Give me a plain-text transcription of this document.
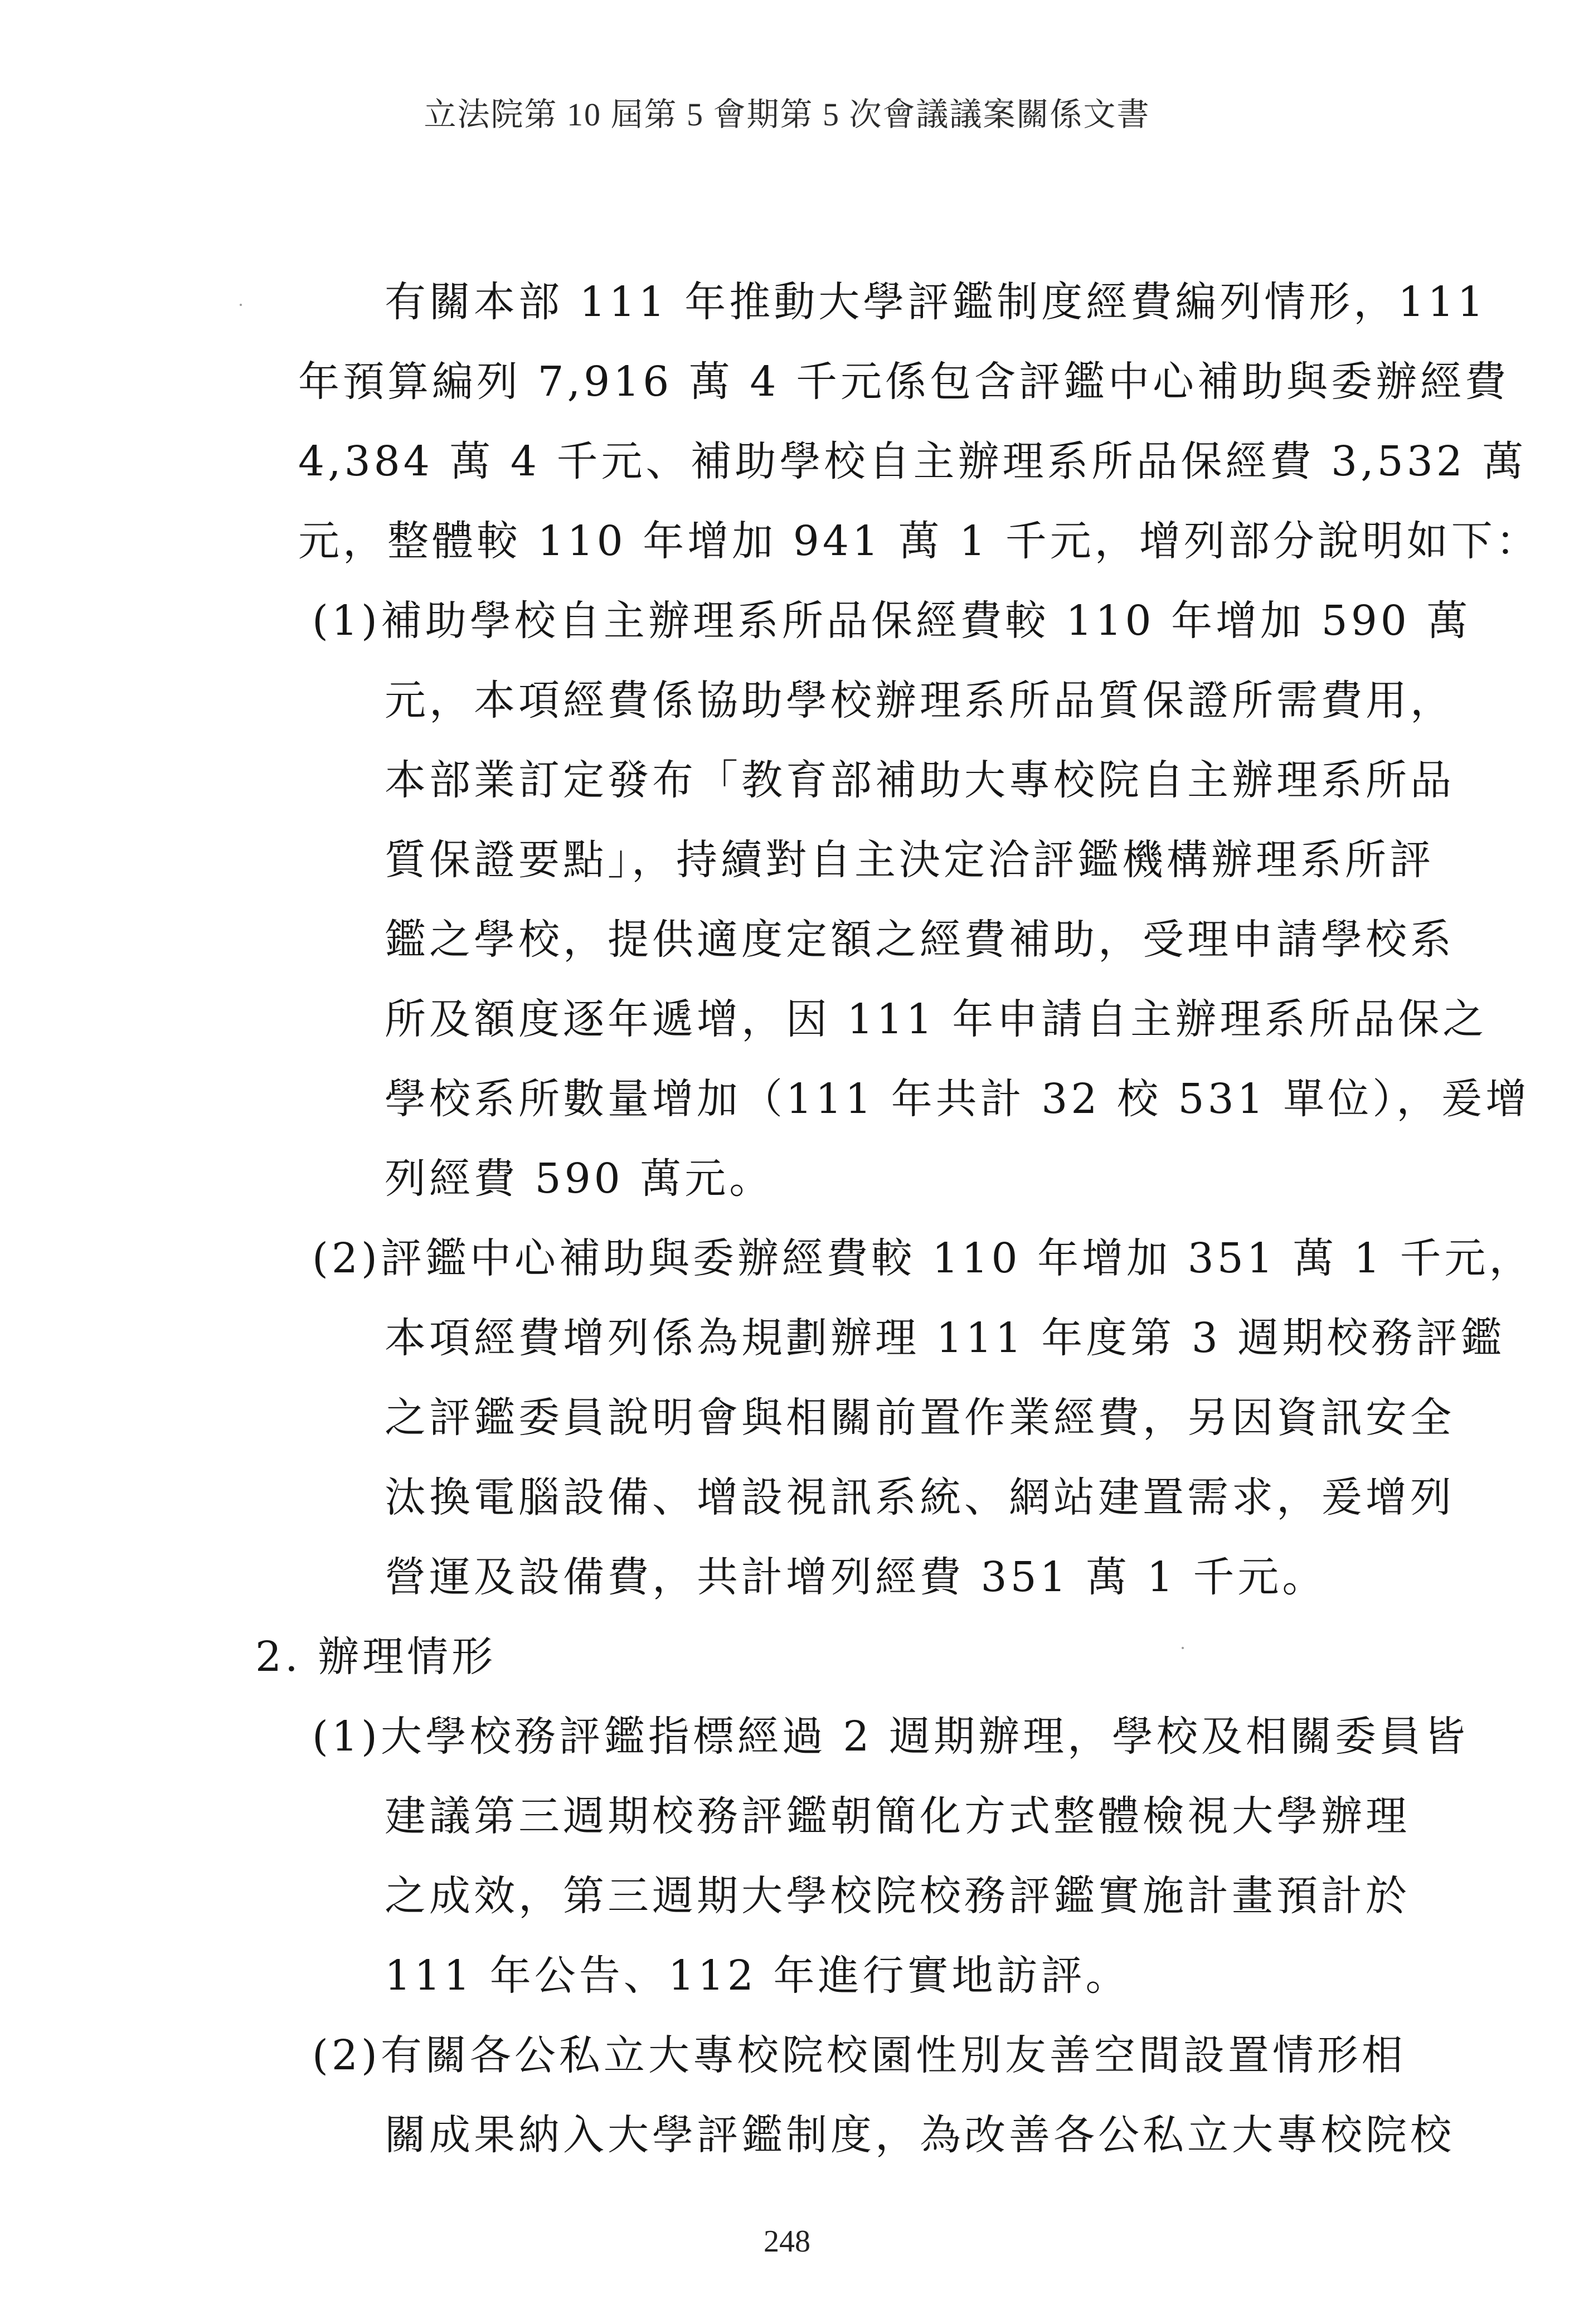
立法院第 10 屆第 5 會期第 5 次會議議案關係文書
有關本部 111 年推動大學評鑑制度經費編列情形，111
年預算編列 7,916 萬 4 千元係包含評鑑中心補助與委辦經費
4,384 萬 4 千元、補助學校自主辦理系所品保經費 3,532 萬
元，整體較 110 年增加 941 萬 1 千元，增列部分說明如下：
(1)補助學校自主辦理系所品保經費較 110 年增加 590 萬
元，本項經費係協助學校辦理系所品質保證所需費用，
本部業訂定發布「教育部補助大專校院自主辦理系所品
質保證要點」，持續對自主決定洽評鑑機構辦理系所評
鑑之學校，提供適度定額之經費補助，受理申請學校系
所及額度逐年遞增，因 111 年申請自主辦理系所品保之
學校系所數量增加（111 年共計 32 校 531 單位），爰增
列經費 590 萬元。
(2)評鑑中心補助與委辦經費較 110 年增加 351 萬 1 千元，
本項經費增列係為規劃辦理 111 年度第 3 週期校務評鑑
之評鑑委員說明會與相關前置作業經費，另因資訊安全
汰換電腦設備、增設視訊系統、網站建置需求，爰增列
營運及設備費，共計增列經費 351 萬 1 千元。
2. 辦理情形
(1)大學校務評鑑指標經過 2 週期辦理，學校及相關委員皆
建議第三週期校務評鑑朝簡化方式整體檢視大學辦理
之成效，第三週期大學校院校務評鑑實施計畫預計於
111 年公告、112 年進行實地訪評。
(2)有關各公私立大專校院校園性別友善空間設置情形相
關成果納入大學評鑑制度，為改善各公私立大專校院校
248
